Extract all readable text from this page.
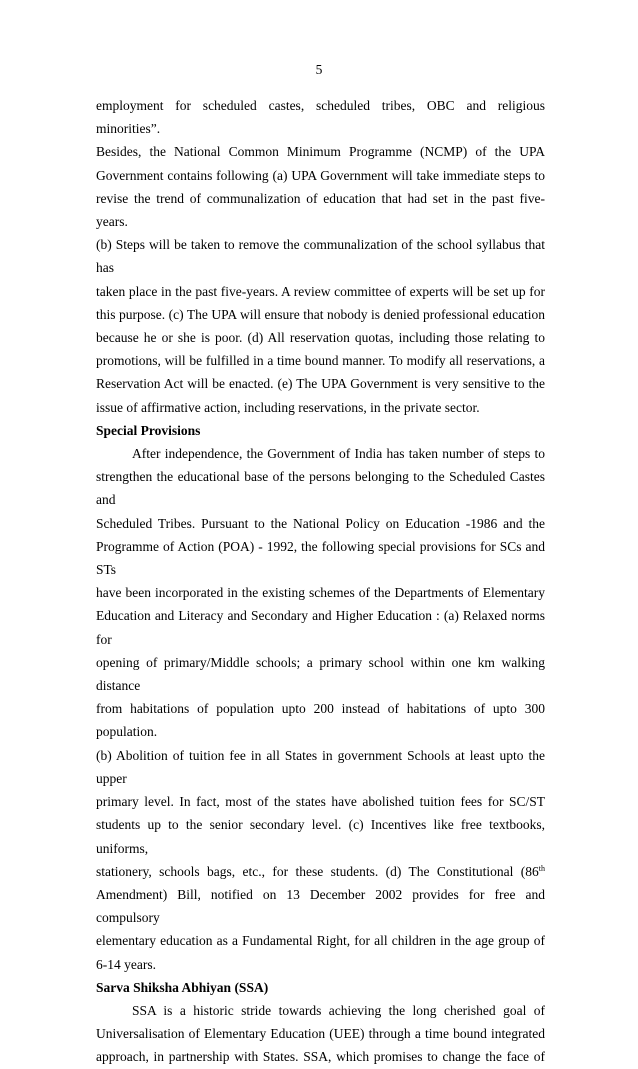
5

employment for scheduled castes, scheduled tribes, OBC and religious minorities”.

Besides, the National Common Minimum Programme (NCMP) of the UPA

Government contains following (a) UPA Government will take immediate steps to

revise the trend of communalization of education that had set in the past five-years.

(b) Steps will be taken to remove the communalization of the school syllabus that has

taken place in the past five-years. A review committee of experts will be set up for

this purpose. (c) The UPA will ensure that nobody is denied professional education

because he or she is poor. (d) All reservation quotas, including those relating to

promotions, will be fulfilled in a time bound manner. To modify all reservations, a

Reservation Act will be enacted. (e) The UPA Government is very sensitive to the

issue of affirmative action, including reservations, in the private sector.

Special Provisions

After independence, the Government of India has taken number of steps to

strengthen the educational base of the persons belonging to the Scheduled Castes and

Scheduled Tribes. Pursuant to the National Policy on Education -1986 and the

Programme of Action (POA) - 1992, the following special provisions for SCs and STs

have been incorporated in the existing schemes of the Departments of Elementary

Education and Literacy and Secondary and Higher Education : (a) Relaxed norms for

opening of primary/Middle schools; a primary school within one km walking distance

from habitations of population upto 200 instead of habitations of upto 300 population.

(b) Abolition of tuition fee in all States in government Schools at least upto the upper

primary level. In fact, most of the states have abolished tuition fees for SC/ST

students up to the senior secondary level. (c) Incentives like free textbooks, uniforms,

stationery, schools bags, etc., for these students. (d) The Constitutional (86th

Amendment) Bill, notified on 13 December 2002 provides for free and compulsory

elementary education as a Fundamental Right, for all children in the age group of

6-14 years.

Sarva Shiksha Abhiyan (SSA)

SSA is a historic stride towards achieving the long cherished goal of

Universalisation of Elementary Education (UEE) through a time bound integrated

approach, in partnership with States. SSA, which promises to change the face of
